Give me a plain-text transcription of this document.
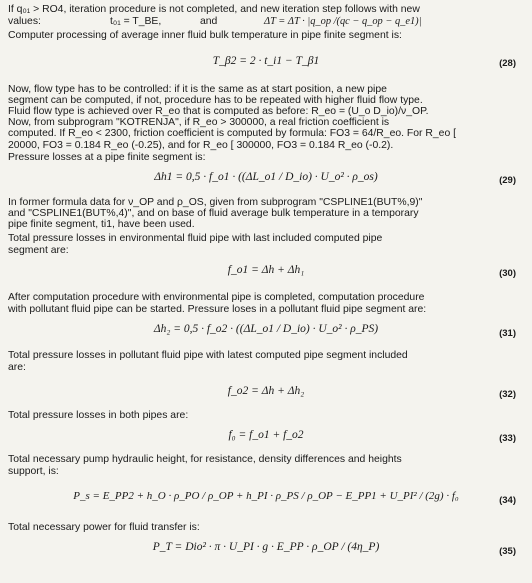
If q₀₁ > RO4, iteration procedure is not completed, and new iteration step follows with new
values:	t₀₁ = T_BE,	and	ΔT = ΔT · |q_op /(qc − q_op − q_e1)|
Computer processing of average inner fluid bulk temperature in pipe finite segment is:
T_β2 = 2 · t_i1 − T_β1	(28)
Now, flow type has to be controlled: if it is the same as at start position, a new pipe
segment can be computed, if not, procedure has to be repeated with higher fluid flow type.
Fluid flow type is achieved over R_eo that is computed as before: R_eo = (U_o D_io)/ν_OP.
Now, from subprogram "KOTRENJA", if R_eo > 300000, a real friction coefficient is
computed. If R_eo < 2300, friction coefficient is computed by formula: FO3 = 64/R_eo. For R_eo [
20000, FO3 = 0.184 R_eo (-0.25), and for R_eo [ 300000, FO3 = 0.184 R_eo (-0.2).
Pressure losses at a pipe finite segment is:
Δh1 = 0,5 · f_o1 · ((ΔL_o1 / D_io) · U_o² · ρ_os)	(29)
In former formula data for ν_OP and ρ_OS, given from subprogram "CSPLINE1(BUT%,9)"
and "CSPLINE1(BUT%,4)", and on base of fluid average bulk temperature in a temporary
pipe finite segment, ti1, have been used.
Total pressure losses in environmental fluid pipe with last included computed pipe
segment are:
f_o1 = Δh + Δh₁	(30)
After computation procedure with environmental pipe is completed, computation procedure
with pollutant fluid pipe can be started. Pressure loses in a pollutant fluid pipe segment are:
Δh₂ = 0,5 · f_o2 · ((ΔL_o1 / D_io) · U_o² · ρ_PS)	(31)
Total pressure losses in pollutant fluid pipe with latest computed pipe segment included
are:
f_o2 = Δh + Δh₂	(32)
Total pressure losses in both pipes are:
f₀ = f_o1 + f_o2	(33)
Total necessary pump hydraulic height, for resistance, density differences and heights
support, is:
P_s = E_PP2 + h_O · ρ_PO / ρ_OP + h_PI · ρ_PS / ρ_OP − E_PP1 + U_PI² / (2g) · f₀	(34)
Total necessary power for fluid transfer is:
P_T = Dio² · π · U_PI · g · E_PP · ρ_OP / (4η_P)	(35)
